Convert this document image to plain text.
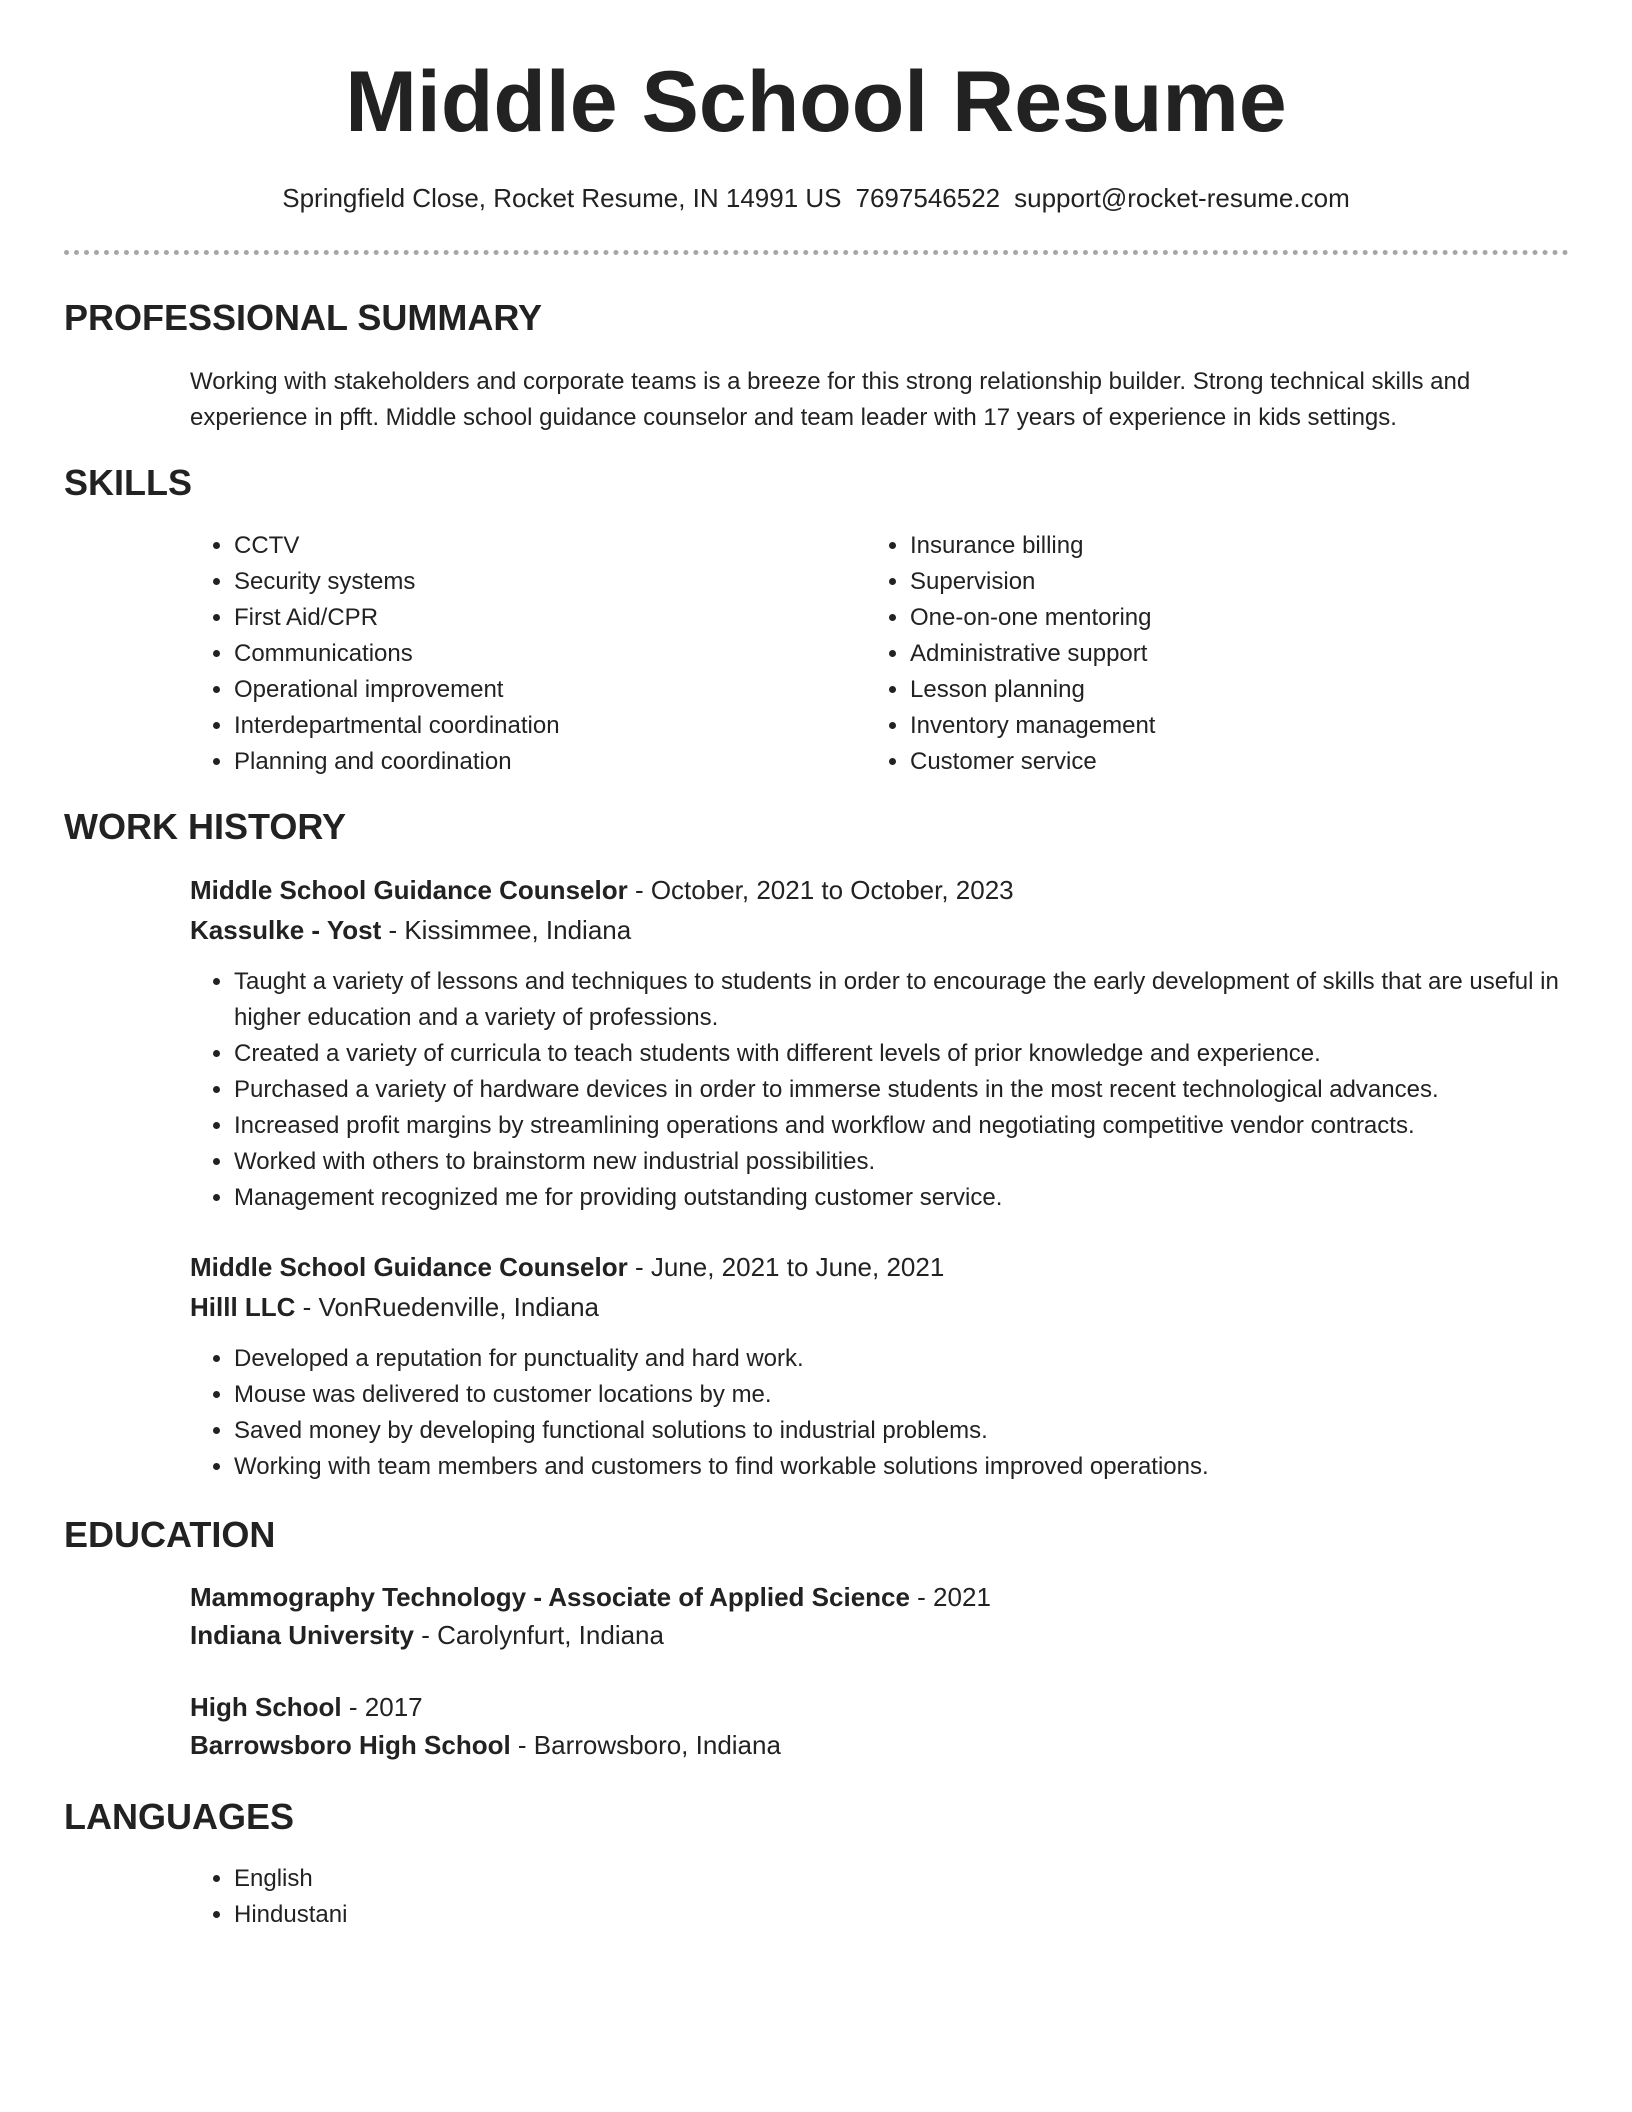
Middle School Resume
Springfield Close, Rocket Resume, IN 14991 US 7697546522 support@rocket-resume.com
PROFESSIONAL SUMMARY
Working with stakeholders and corporate teams is a breeze for this strong relationship builder. Strong technical skills and experience in pfft. Middle school guidance counselor and team leader with 17 years of experience in kids settings.
SKILLS
• CCTV
• Security systems
• First Aid/CPR
• Communications
• Operational improvement
• Interdepartmental coordination
• Planning and coordination
• Insurance billing
• Supervision
• One-on-one mentoring
• Administrative support
• Lesson planning
• Inventory management
• Customer service
WORK HISTORY
Middle School Guidance Counselor - October, 2021 to October, 2023
Kassulke - Yost - Kissimmee, Indiana
• Taught a variety of lessons and techniques to students in order to encourage the early development of skills that are useful in higher education and a variety of professions.
• Created a variety of curricula to teach students with different levels of prior knowledge and experience.
• Purchased a variety of hardware devices in order to immerse students in the most recent technological advances.
• Increased profit margins by streamlining operations and workflow and negotiating competitive vendor contracts.
• Worked with others to brainstorm new industrial possibilities.
• Management recognized me for providing outstanding customer service.
Middle School Guidance Counselor - June, 2021 to June, 2021
Hilll LLC - VonRuedenville, Indiana
• Developed a reputation for punctuality and hard work.
• Mouse was delivered to customer locations by me.
• Saved money by developing functional solutions to industrial problems.
• Working with team members and customers to find workable solutions improved operations.
EDUCATION
Mammography Technology - Associate of Applied Science - 2021
Indiana University - Carolynfurt, Indiana
High School - 2017
Barrowsboro High School - Barrowsboro, Indiana
LANGUAGES
• English
• Hindustani
